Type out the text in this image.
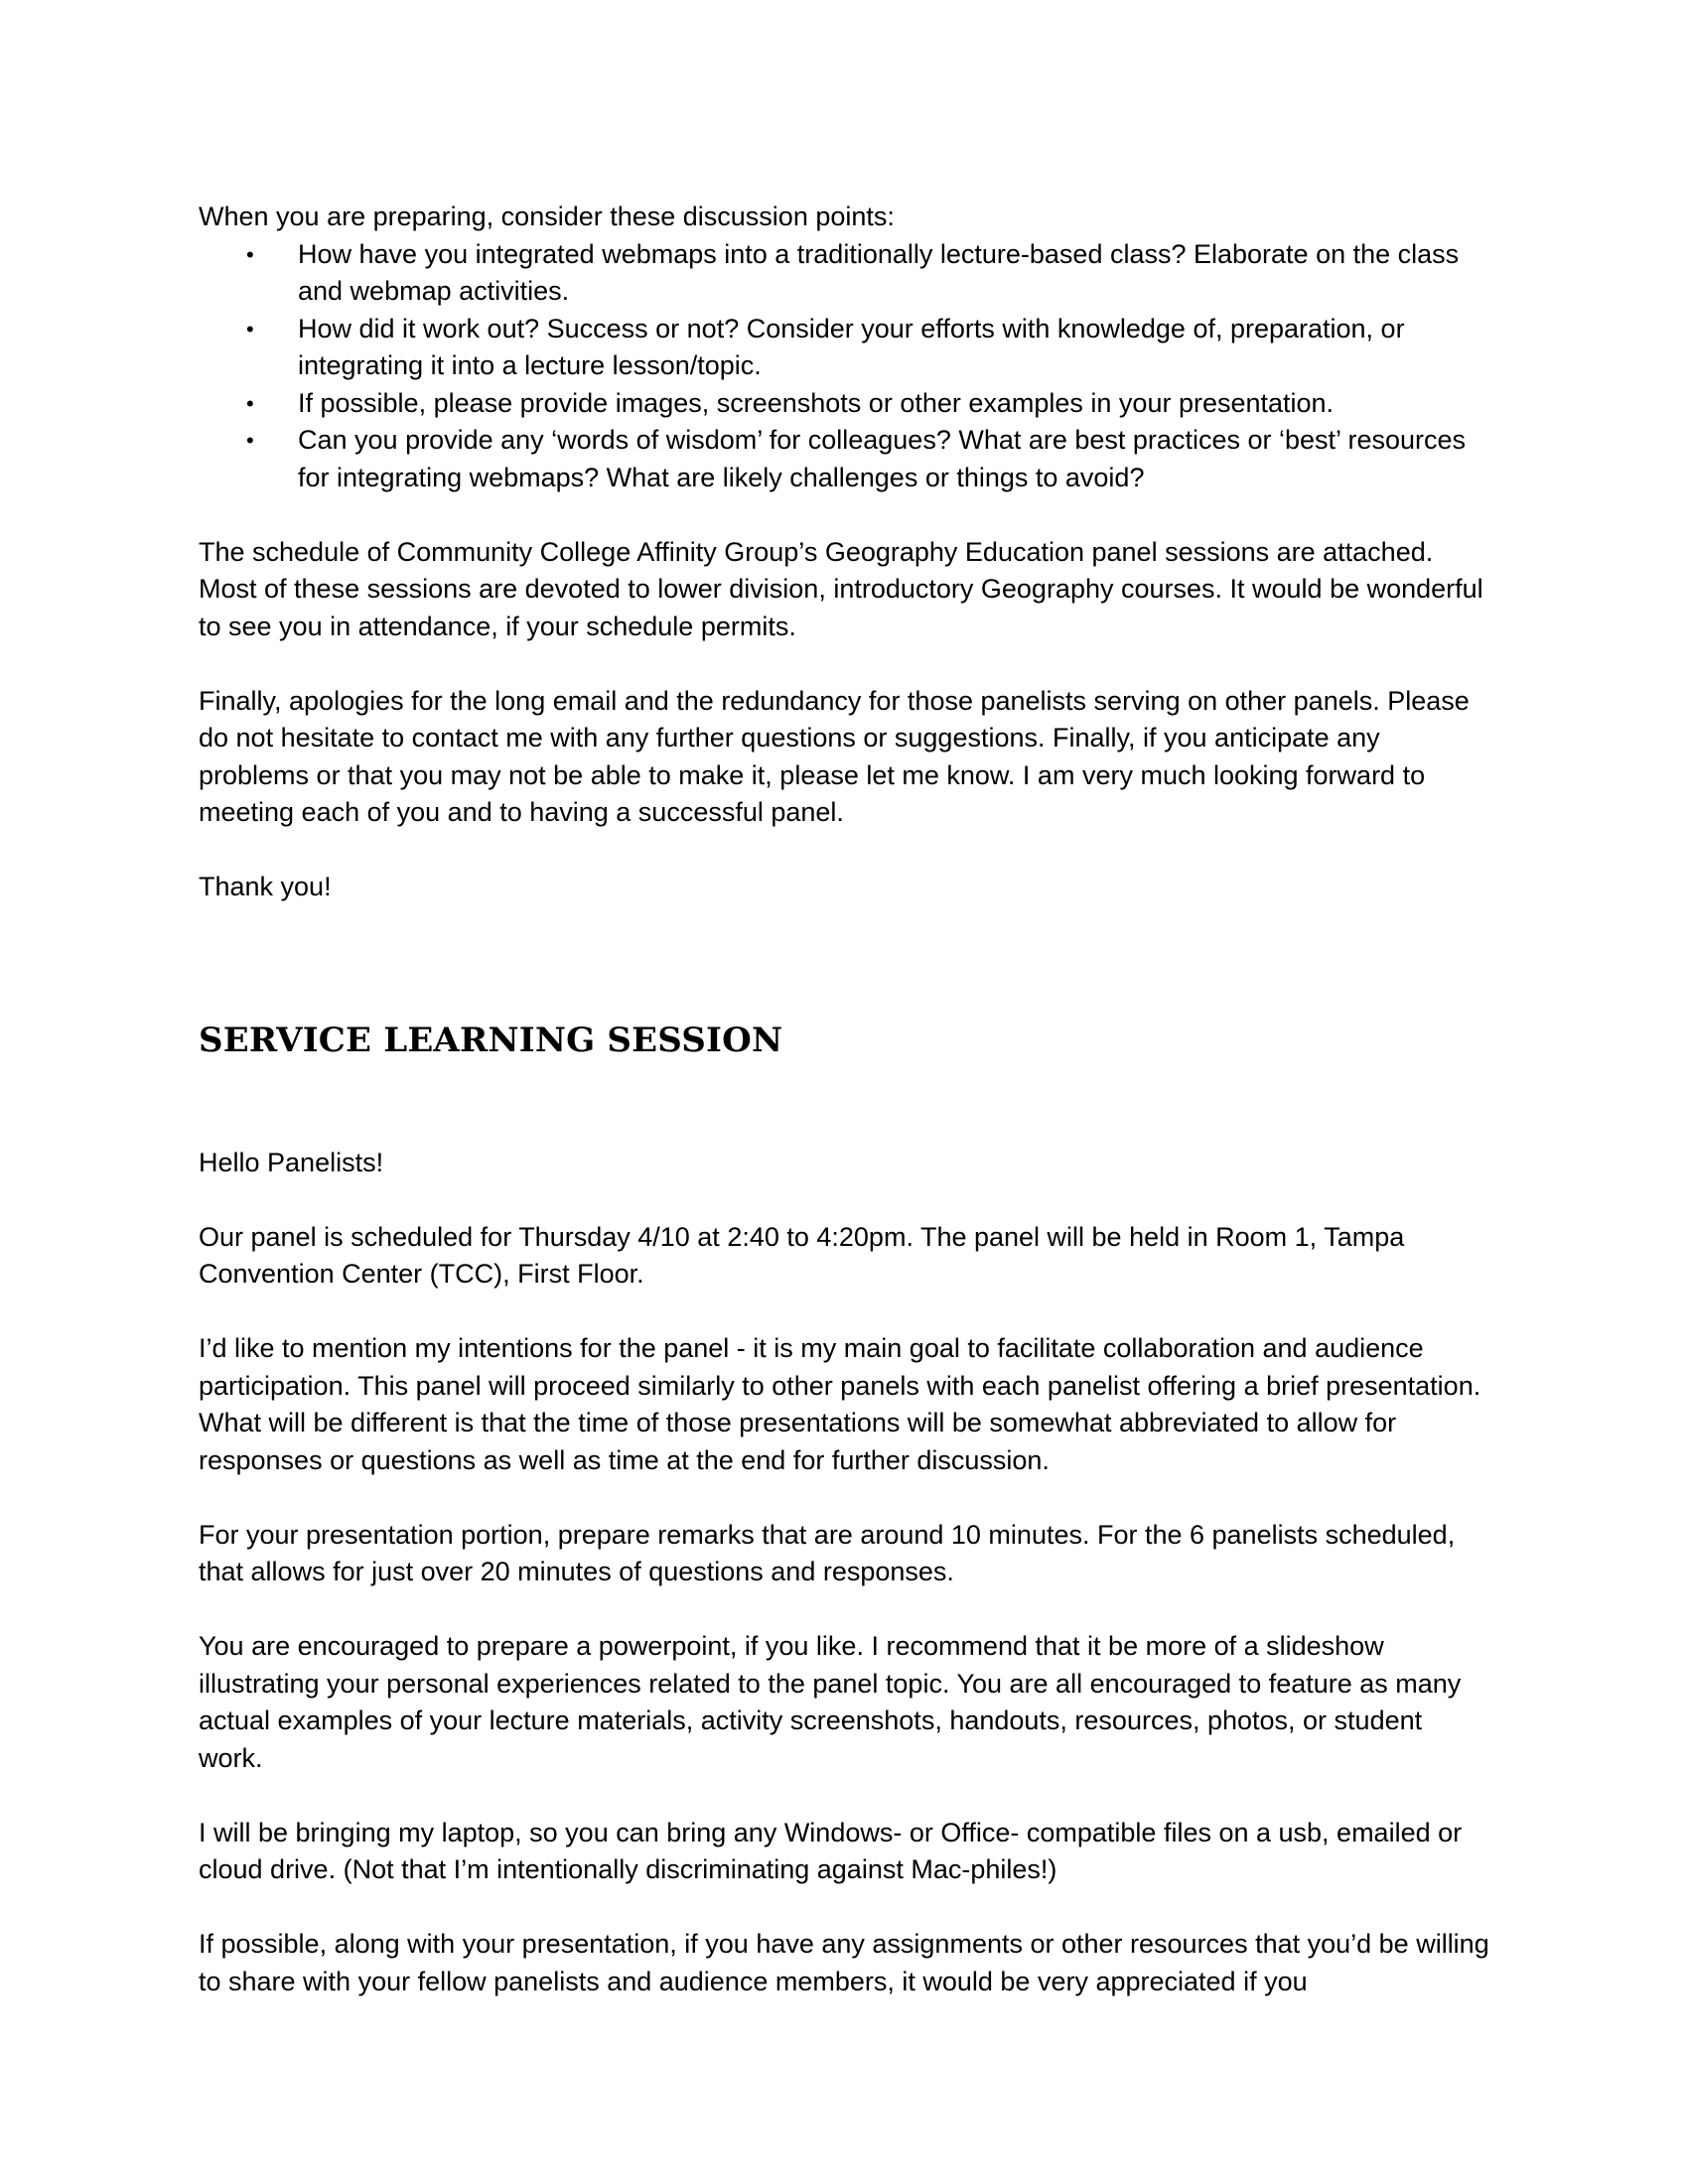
When you are preparing, consider these discussion points:

• How have you integrated webmaps into a traditionally lecture-based class? Elaborate on the class and webmap activities.
• How did it work out? Success or not? Consider your efforts with knowledge of, preparation, or integrating it into a lecture lesson/topic.
• If possible, please provide images, screenshots or other examples in your presentation.
• Can you provide any ‘words of wisdom’ for colleagues? What are best practices or ‘best’ resources for integrating webmaps? What are likely challenges or things to avoid?

The schedule of Community College Affinity Group’s Geography Education panel sessions are attached. Most of these sessions are devoted to lower division, introductory Geography courses. It would be wonderful to see you in attendance, if your schedule permits.

Finally, apologies for the long email and the redundancy for those panelists serving on other panels. Please do not hesitate to contact me with any further questions or suggestions. Finally, if you anticipate any problems or that you may not be able to make it, please let me know. I am very much looking forward to meeting each of you and to having a successful panel.

Thank you!

SERVICE LEARNING SESSION

Hello Panelists!

Our panel is scheduled for Thursday 4/10 at 2:40 to 4:20pm. The panel will be held in Room 1, Tampa Convention Center (TCC), First Floor.

I’d like to mention my intentions for the panel - it is my main goal to facilitate collaboration and audience participation. This panel will proceed similarly to other panels with each panelist offering a brief presentation. What will be different is that the time of those presentations will be somewhat abbreviated to allow for responses or questions as well as time at the end for further discussion.

For your presentation portion, prepare remarks that are around 10 minutes. For the 6 panelists scheduled, that allows for just over 20 minutes of questions and responses.

You are encouraged to prepare a powerpoint, if you like. I recommend that it be more of a slideshow illustrating your personal experiences related to the panel topic. You are all encouraged to feature as many actual examples of your lecture materials, activity screenshots, handouts, resources, photos, or student work.

I will be bringing my laptop, so you can bring any Windows- or Office- compatible files on a usb, emailed or cloud drive. (Not that I’m intentionally discriminating against Mac-philes!)

If possible, along with your presentation, if you have any assignments or other resources that you’d be willing to share with your fellow panelists and audience members, it would be very appreciated if you
